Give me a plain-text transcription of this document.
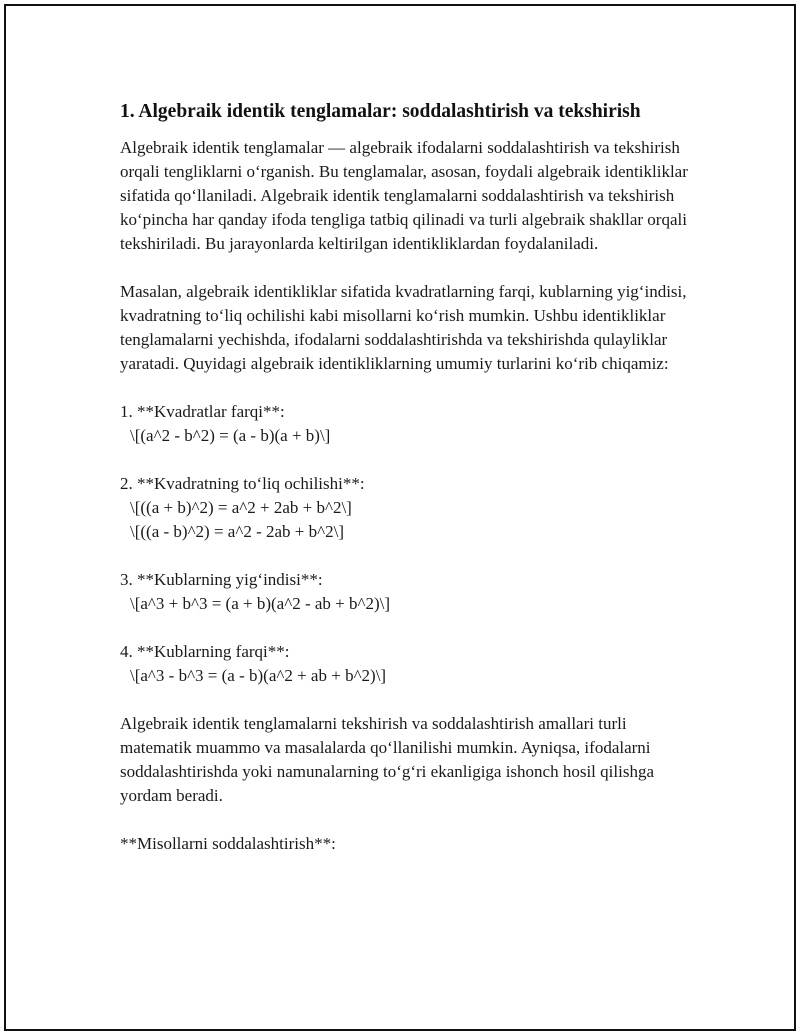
1. Algebraik identik tenglamalar: soddalashtirish va tekshirish

Algebraik identik tenglamalar — algebraik ifodalarni soddalashtirish va tekshirish orqali tengliklarni o‘rganish. Bu tenglamalar, asosan, foydali algebraik identikliklar sifatida qo‘llaniladi. Algebraik identik tenglamalarni soddalashtirish va tekshirish ko‘pincha har qanday ifoda tengliga tatbiq qilinadi va turli algebraik shakllar orqali tekshiriladi. Bu jarayonlarda keltirilgan identikliklardan foydalaniladi.

Masalan, algebraik identikliklar sifatida kvadratlarning farqi, kublarning yig‘indisi, kvadratning to‘liq ochilishi kabi misollarni ko‘rish mumkin. Ushbu identikliklar tenglamalarni yechishda, ifodalarni soddalashtirishda va tekshirishda qulayliklar yaratadi. Quyidagi algebraik identikliklarning umumiy turlarini ko‘rib chiqamiz:

1. **Kvadratlar farqi**:

\[(a^2 - b^2) = (a - b)(a + b)\]

2. **Kvadratning to‘liq ochilishi**:

\[((a + b)^2) = a^2 + 2ab + b^2\]

\[((a - b)^2) = a^2 - 2ab + b^2\]

3. **Kublarning yig‘indisi**:

\[a^3 + b^3 = (a + b)(a^2 - ab + b^2)\]

4. **Kublarning farqi**:

\[a^3 - b^3 = (a - b)(a^2 + ab + b^2)\]

Algebraik identik tenglamalarni tekshirish va soddalashtirish amallari turli matematik muammo va masalalarda qo‘llanilishi mumkin. Ayniqsa, ifodalarni soddalashtirishda yoki namunalarning to‘g‘ri ekanligiga ishonch hosil qilishga yordam beradi.

**Misollarni soddalashtirish**:
